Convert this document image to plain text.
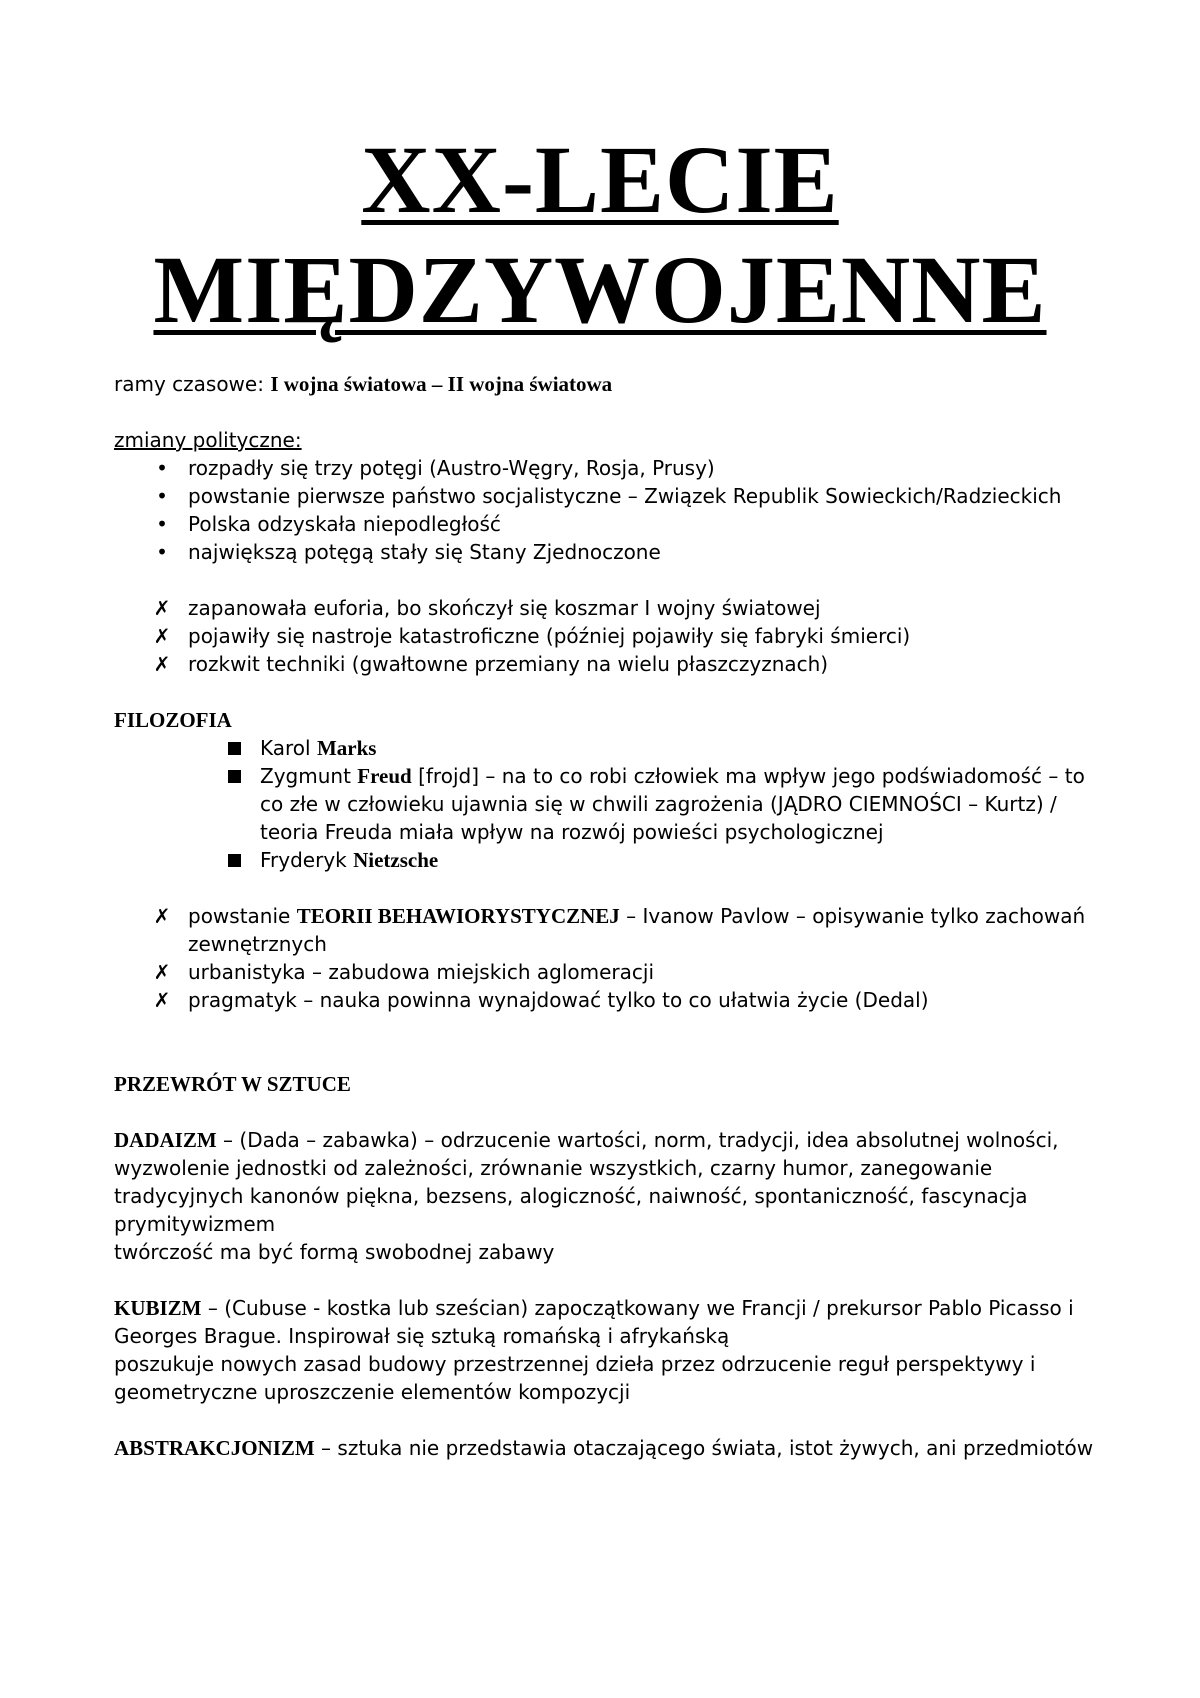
XX-LECIE
MIĘDZYWOJENNE
ramy czasowe: I wojna światowa – II wojna światowa
zmiany polityczne:
• rozpadły się trzy potęgi (Austro-Węgry, Rosja, Prusy)
• powstanie pierwsze państwo socjalistyczne – Związek Republik Sowieckich/Radzieckich
• Polska odzyskała niepodległość
• największą potęgą stały się Stany Zjednoczone
✗ zapanowała euforia, bo skończył się koszmar I wojny światowej
✗ pojawiły się nastroje katastroficzne (później pojawiły się fabryki śmierci)
✗ rozkwit techniki (gwałtowne przemiany na wielu płaszczyznach)
FILOZOFIA
Karol Marks
Zygmunt Freud [frojd] – na to co robi człowiek ma wpływ jego podświadomość – to co złe w człowieku ujawnia się w chwili zagrożenia (JĄDRO CIEMNOŚCI – Kurtz) / teoria Freuda miała wpływ na rozwój powieści psychologicznej
Fryderyk Nietzsche
✗ powstanie TEORII BEHAWIORYSTYCZNEJ – Ivanow Pavlow – opisywanie tylko zachowań zewnętrznych
✗ urbanistyka – zabudowa miejskich aglomeracji
✗ pragmatyk – nauka powinna wynajdować tylko to co ułatwia życie (Dedal)
PRZEWRÓT W SZTUCE
DADAIZM – (Dada – zabawka) – odrzucenie wartości, norm, tradycji, idea absolutnej wolności, wyzwolenie jednostki od zależności, zrównanie wszystkich, czarny humor, zanegowanie tradycyjnych kanonów piękna, bezsens, alogiczność, naiwność, spontaniczność, fascynacja prymitywizmem
twórczość ma być formą swobodnej zabawy
KUBIZM – (Cubuse - kostka lub sześcian) zapoczątkowany we Francji / prekursor Pablo Picasso i Georges Brague. Inspirował się sztuką romańską i afrykańską
poszukuje nowych zasad budowy przestrzennej dzieła przez odrzucenie reguł perspektywy i geometryczne uproszczenie elementów kompozycji
ABSTRAKCJONIZM – sztuka nie przedstawia otaczającego świata, istot żywych, ani przedmiotów
